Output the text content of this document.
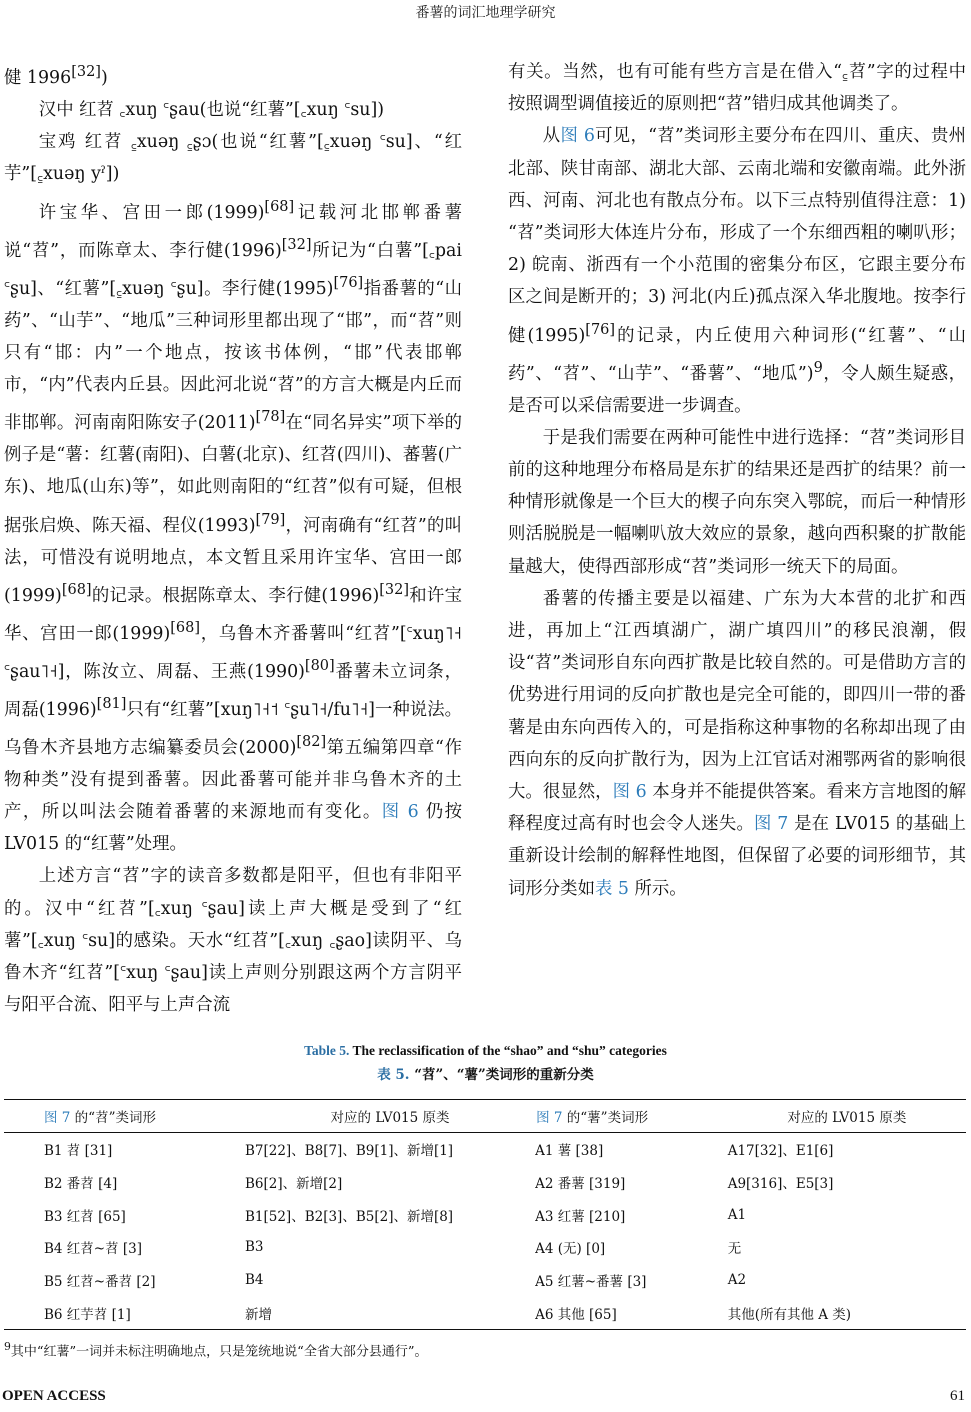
番薯的词汇地理学研究

健 1996[32])

汉中 红苕 ꜀xuŋ ꜂ʂau(也说“红薯”[꜀xuŋ ꜂su])

宝鸡 红苕 ꜁xuəŋ ꜁ʂɔ(也说“红薯”[꜁xuəŋ ꜂su]、“红芋”[꜁xuəŋ yˀ])

许宝华、宫田一郎(1999)[68]记载河北邯郸番薯说“苕”，而陈章太、李行健(1996)[32]所记为“白薯”[꜀pai ꜂ʂu]、“红薯”[꜁xuəŋ ꜂ʂu]。李行健(1995)[76]指番薯的“山药”、“山芋”、“地瓜”三种词形里都出现了“邯”，而“苕”则只有“邯：内”一个地点，按该书体例，“邯”代表邯郸市，“内”代表内丘县。因此河北说“苕”的方言大概是内丘而非邯郸。河南南阳陈安子(2011)[78]在“同名异实”项下举的例子是“薯：红薯(南阳)、白薯(北京)、红苕(四川)、蕃薯(广东)、地瓜(山东)等”，如此则南阳的“红苕”似有可疑，但根据张启焕、陈天福、程仪(1993)[79]，河南确有“红苕”的叫法，可惜没有说明地点，本文暂且采用许宝华、宫田一郎(1999)[68]的记录。根据陈章太、李行健(1996)[32]和许宝华、宫田一郎(1999)[68]，乌鲁木齐番薯叫“红苕”[꜂xuŋ˥˧ ꜂ʂau˥˧]，陈汝立、周磊、王燕(1990)[80]番薯未立词条，周磊(1996)[81]只有“红薯”[xuŋ˥˧˦ ꜂ʂu˥˧/fu˥˧]一种说法。乌鲁木齐县地方志编纂委员会(2000)[82]第五编第四章“作物种类”没有提到番薯。因此番薯可能并非乌鲁木齐的土产，所以叫法会随着番薯的来源地而有变化。图 6 仍按 LV015 的“红薯”处理。

上述方言“苕”字的读音多数都是阳平，但也有非阳平的。汉中“红苕”[꜀xuŋ ꜂ʂau]读上声大概是受到了“红薯”[꜀xuŋ ꜂su]的感染。天水“红苕”[꜀xuŋ ꜀ʂao]读阴平、乌鲁木齐“红苕”[꜂xuŋ ꜂ʂau]读上声则分别跟这两个方言阴平与阳平合流、阳平与上声合流

有关。当然，也有可能有些方言是在借入“꜁苕”字的过程中按照调型调值接近的原则把“苕”错归成其他调类了。

从图 6可见，“苕”类词形主要分布在四川、重庆、贵州北部、陕甘南部、湖北大部、云南北端和安徽南端。此外浙西、河南、河北也有散点分布。以下三点特别值得注意：1) “苕”类词形大体连片分布，形成了一个东细西粗的喇叭形；2) 皖南、浙西有一个小范围的密集分布区，它跟主要分布区之间是断开的；3) 河北(内丘)孤点深入华北腹地。按李行健(1995)[76]的记录，内丘使用六种词形(“红薯”、“山药”、“苕”、“山芋”、“番薯”、“地瓜”)$^9$，令人颇生疑惑，是否可以采信需要进一步调查。

于是我们需要在两种可能性中进行选择：“苕”类词形目前的这种地理分布格局是东扩的结果还是西扩的结果？前一种情形就像是一个巨大的楔子向东突入鄂皖，而后一种情形则活脱脱是一幅喇叭放大效应的景象，越向西积聚的扩散能量越大，使得西部形成“苕”类词形一统天下的局面。

番薯的传播主要是以福建、广东为大本营的北扩和西进，再加上“江西填湖广，湖广填四川”的移民浪潮，假设“苕”类词形自东向西扩散是比较自然的。可是借助方言的优势进行用词的反向扩散也是完全可能的，即四川一带的番薯是由东向西传入的，可是指称这种事物的名称却出现了由西向东的反向扩散行为，因为上江官话对湘鄂两省的影响很大。很显然，图 6 本身并不能提供答案。看来方言地图的解释程度过高有时也会令人迷失。图 7 是在 LV015 的基础上重新设计绘制的解释性地图，但保留了必要的词形细节，其词形分类如表 5 所示。

Table 5. The reclassification of the “shao” and “shu” categories
表 5. “苕”、“薯”类词形的重新分类
图 7 的“苕”类词形	对应的 LV015 原类	图 7 的“薯”类词形	对应的 LV015 原类
B1 苕 [31]	B7[22]、B8[7]、B9[1]、新增[1]	A1 薯 [38]	A17[32]、E1[6]
B2 番苕 [4]	B6[2]、新增[2]	A2 番薯 [319]	A9[316]、E5[3]
B3 红苕 [65]	B1[52]、B2[3]、B5[2]、新增[8]	A3 红薯 [210]	A1
B4 红苕~苕 [3]	B3	A4 (无) [0]	无
B5 红苕~番苕 [2]	B4	A5 红薯~番薯 [3]	A2
B6 红芋苕 [1]	新增	A6 其他 [65]	其他(所有其他 A 类)
$^9$其中“红薯”一词并未标注明确地点，只是笼统地说“全省大部分县通行”。
OPEN ACCESS	61
